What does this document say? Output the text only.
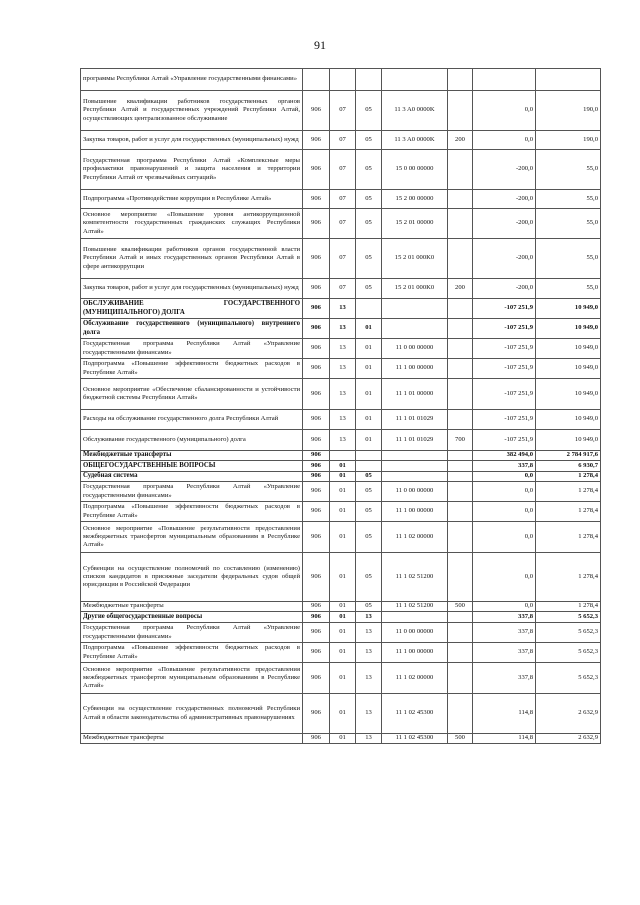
91
программы Республики Алтай «Управление государственными финансами»							
Повышение квалификации работников государственных органов Республики Алтай и государственных учреждений Республики Алтай, осуществляющих централизованное обслуживание	906	07	05	11 3 A0 0000K		0,0	190,0
Закупка товаров, работ и услуг для государственных (муниципальных) нужд	906	07	05	11 3 A0 0000K	200	0,0	190,0
Государственная программа Республики Алтай «Комплексные меры профилактики правонарушений и защита населения и территории Республики Алтай от чрезвычайных ситуаций»	906	07	05	15 0 00 00000		-200,0	55,0
Подпрограмма «Противодействие коррупции в Республике Алтай»	906	07	05	15 2 00 00000		-200,0	55,0
Основное мероприятие «Повышение уровня антикоррупционной компетентности государственных гражданских служащих Республики Алтай»	906	07	05	15 2 01 00000		-200,0	55,0
Повышение квалификации работников органов государственной власти Республики Алтай и иных государственных органов Республики Алтай в сфере антикоррупции	906	07	05	15 2 01 000K0		-200,0	55,0
Закупка товаров, работ и услуг для государственных (муниципальных) нужд	906	07	05	15 2 01 000K0	200	-200,0	55,0
ОБСЛУЖИВАНИЕ ГОСУДАРСТВЕННОГО (МУНИЦИПАЛЬНОГО) ДОЛГА	906	13				-107 251,9	10 949,0
Обслуживание государственного (муниципального) внутреннего долга	906	13	01			-107 251,9	10 949,0
Государственная программа Республики Алтай «Управление государственными финансами»	906	13	01	11 0 00 00000		-107 251,9	10 949,0
Подпрограмма «Повышение эффективности бюджетных расходов в Республике Алтай»	906	13	01	11 1 00 00000		-107 251,9	10 949,0
Основное мероприятие «Обеспечение сбалансированности и устойчивости бюджетной системы Республики Алтай»	906	13	01	11 1 01 00000		-107 251,9	10 949,0
Расходы на обслуживание государственного долга Республики Алтай	906	13	01	11 1 01 01029		-107 251,9	10 949,0
Обслуживание государственного (муниципального) долга	906	13	01	11 1 01 01029	700	-107 251,9	10 949,0
Межбюджетные трансферты	906					382 494,0	2 784 917,6
ОБЩЕГОСУДАРСТВЕННЫЕ ВОПРОСЫ	906	01				337,8	6 930,7
Судебная система	906	01	05			0,0	1 278,4
Государственная программа Республики Алтай «Управление государственными финансами»	906	01	05	11 0 00 00000		0,0	1 278,4
Подпрограмма «Повышение эффективности бюджетных расходов в Республике Алтай»	906	01	05	11 1 00 00000		0,0	1 278,4
Основное мероприятие «Повышение результативности предоставления межбюджетных трансфертов муниципальным образованиям в Республике Алтай»	906	01	05	11 1 02 00000		0,0	1 278,4
Субвенции на осуществление полномочий по составлению (изменению) списков кандидатов в присяжные заседатели федеральных судов общей юрисдикции в Российской Федерации	906	01	05	11 1 02 51200		0,0	1 278,4
Межбюджетные трансферты	906	01	05	11 1 02 51200	500	0,0	1 278,4
Другие общегосударственные вопросы	906	01	13			337,8	5 652,3
Государственная программа Республики Алтай «Управление государственными финансами»	906	01	13	11 0 00 00000		337,8	5 652,3
Подпрограмма «Повышение эффективности бюджетных расходов в Республике Алтай»	906	01	13	11 1 00 00000		337,8	5 652,3
Основное мероприятие «Повышение результативности предоставления межбюджетных трансфертов муниципальным образованиям в Республике Алтай»	906	01	13	11 1 02 00000		337,8	5 652,3
Субвенции на осуществление государственных полномочий Республики Алтай в области законодательства об административных правонарушениях	906	01	13	11 1 02 45300		114,8	2 632,9
Межбюджетные трансферты	906	01	13	11 1 02 45300	500	114,8	2 632,9
